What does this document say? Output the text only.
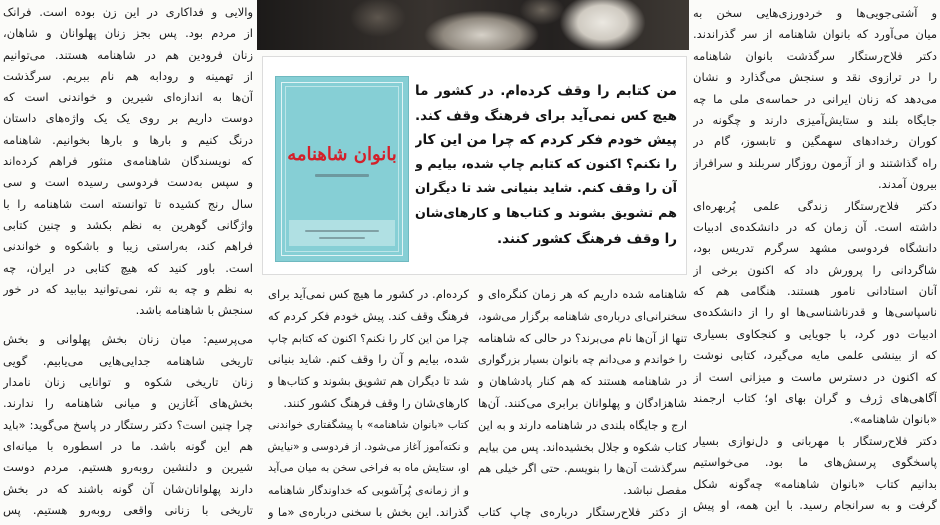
بانوان شاهنامه
من کتابم را وقف کرده‌ام. در کشور ما
هیچ کس نمی‌آید برای فرهنگ وقف کند.
پیش خودم فکر کردم که چرا من این کار
را نکنم؟ اکنون که کتابم چاپ شده، بیایم و
آن را وقف کنم. شاید بنیانی شد تا دیگران
هم تشویق بشوند و کتاب‌ها و کارهای‌شان
را وقف فرهنگ کشور کنند.
و آشتی‌جویی‌ها و خردورزی‌هایی سخن به
میان می‌آورد که بانوان شاهنامه از سر گذراندند.
دکتر فلاح‌رستگار سرگذشت بانوان شاهنامه
را در ترازوی نقد و سنجش می‌گذارد و نشان
می‌دهد که زنان ایرانی در حماسه‌ی ملی ما چه
جایگاه بلند و ستایش‌آمیزی دارند و چگونه در
کوران رخدادهای سهمگین و تابسوز، گام در
راه گذاشتند و از آزمون روزگار سربلند و سرافراز
بیرون آمدند.
دکتر فلاح‌رستگار زندگی علمی پُربهره‌ای
داشته است. آن زمان که در دانشکده‌ی ادبیات
دانشگاه فردوسی مشهد سرگرم تدریس بود،
شاگردانی را پرورش داد که اکنون برخی از
آنان استادانی نامور هستند. هنگامی هم که
ناسپاسی‌ها و قدرناشناسی‌ها او را از دانشکده‌ی
ادبیات دور کرد، با جویایی و کنجکاوی بسیاری
که از بینشی علمی مایه می‌گیرد، کتابی نوشت
که اکنون در دسترس ماست و میزانی است از
آگاهی‌های ژرف و گران بهای او؛ کتاب ارجمند
«بانوان شاهنامه».
دکتر فلاح‌رستگار با مهربانی و دل‌نوازی بسیار
پاسخگوی پرسش‌های ما بود. می‌خواستیم
بدانیم کتاب «بانوان شاهنامه» چه‌گونه شکل
گرفت و به سرانجام رسید. با این همه، او پیش
شاهنامه شده داریم که هر زمان کنگره‌ای و
سخنرانی‌ای درباره‌ی شاهنامه برگزار می‌شود،
تنها از آن‌ها نام می‌برند؟ در حالی که شاهنامه
را خواندم و می‌دانم چه بانوان بسیار بزرگواری
در شاهنامه هستند که هم کنار پادشاهان و
شاهزادگان و پهلوانان برابری می‌کنند. آن‌ها
ارج و جایگاه بلندی در شاهنامه دارند و به این
کتاب شکوه و جلال بخشیده‌اند. پس من بیایم
سرگذشت آن‌ها را بنویسم. حتی اگر خیلی هم
مفصل نباشد.
از دکتر فلاح‌رستگار درباره‌ی چاپ کتاب
کرده‌ام. در کشور ما هیچ کس نمی‌آید برای
فرهنگ وقف کند. پیش خودم فکر کردم که
چرا من این کار را نکنم؟ اکنون که کتابم چاپ
شده، بیایم و آن را وقف کنم. شاید بنیانی
شد تا دیگران هم تشویق بشوند و کتاب‌ها و
کارهای‌شان را وقف فرهنگ کشور کنند.
کتاب «بانوان شاهنامه» با پیشگفتاری خواندنی
و نکته‌آموز آغاز می‌شود. از فردوسی و «نیایش
او، ستایش ماه به فراخی سخن به میان می‌آید
و از زمانه‌ی پُرآشوبی که خداوندگار شاهنامه
گذراند. این بخش با سخنی درباره‌ی «ما و
والایی و فداکاری در این زن بوده است. فرانک
از مردم بود. پس بجز زنان پهلوانان و شاهان،
زنان فرودین هم در شاهنامه هستند. می‌توانیم
از تهمینه و رودابه هم نام ببریم. سرگذشت
آن‌ها به اندازه‌ای شیرین و خواندنی است که
دوست داریم بر روی یک یک واژه‌های داستان
درنگ کنیم و بارها و بارها بخوانیم. شاهنامه
که نویسندگان شاهنامه‌ی منثور فراهم کرده‌اند
و سپس به‌دست فردوسی رسیده است و سی
سال رنج کشیده تا توانسته است شاهنامه را با
واژگانی گوهرین به نظم بکشد و چنین کتابی
فراهم کند، به‌راستی زیبا و باشکوه و خواندنی
است. باور کنید که هیچ کتابی در ایران، چه
به نظم و چه به نثر، نمی‌توانید بیابید که در خور
سنجش با شاهنامه باشد.
می‌پرسیم: میان زنان بخش پهلوانی و بخش
تاریخی شاهنامه جدایی‌هایی می‌یابیم. گویی
زنان تاریخی شکوه و توانایی زنان نامدار
بخش‌های آغازین و میانی شاهنامه را ندارند.
چرا چنین است؟ دکتر رستگار در پاسخ می‌گوید: «باید
هم این گونه باشد. ما در اسطوره با میانه‌ای
شیرین و دلنشین روبه‌رو هستیم. مردم دوست
دارند پهلوانان‌شان آن گونه باشند که در بخش
تاریخی با زنانی واقعی روبه‌رو هستیم. پس
